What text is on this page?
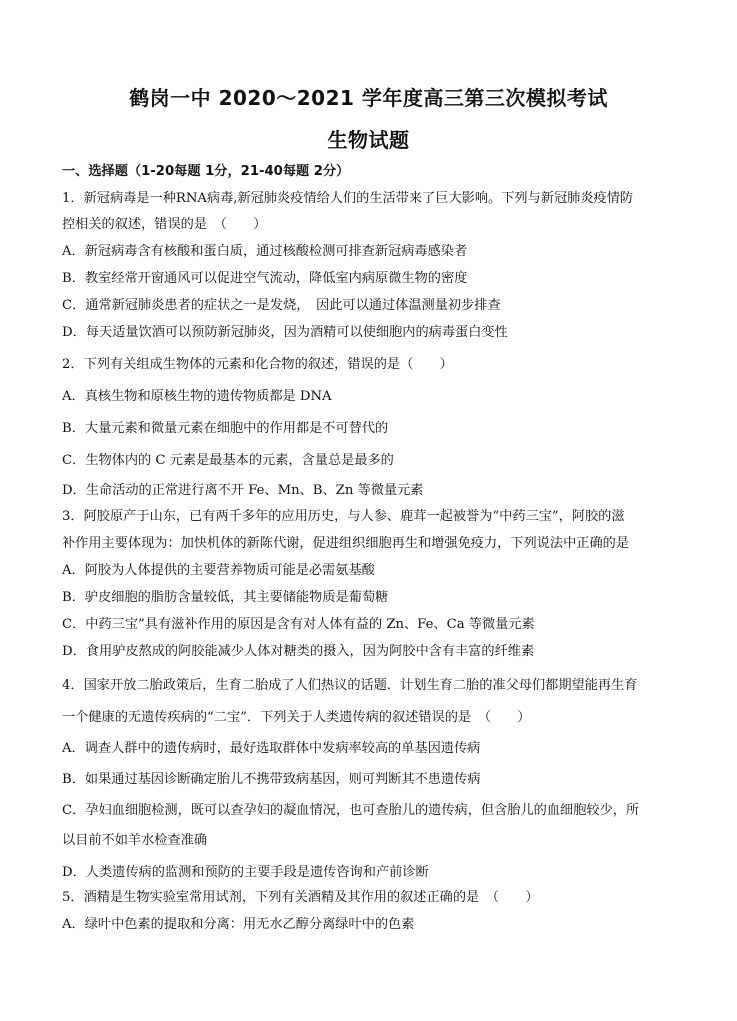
鹤岗一中 2020～2021 学年度高三第三次模拟考试
生物试题
一、选择题（1-20每题 1分，21-40每题 2分）
1．新冠病毒是一种RNA病毒,新冠肺炎疫情给人们的生活带来了巨大影响。下列与新冠肺炎疫情防
控相关的叙述，错误的是　（　　）
A．新冠病毒含有核酸和蛋白质，通过核酸检测可排查新冠病毒感染者
B．教室经常开窗通风可以促进空气流动，降低室内病原微生物的密度
C．通常新冠肺炎患者的症状之一是发烧，　因此可以通过体温测量初步排查
D．每天适量饮酒可以预防新冠肺炎，因为酒精可以使细胞内的病毒蛋白变性
2．下列有关组成生物体的元素和化合物的叙述，错误的是（　　）
A．真核生物和原核生物的遗传物质都是 DNA
B．大量元素和微量元素在细胞中的作用都是不可替代的
C．生物体内的 C 元素是最基本的元素，含量总是最多的
D．生命活动的正常进行离不开 Fe、Mn、B、Zn 等微量元素
3．阿胶原产于山东，已有两千多年的应用历史，与人参、鹿茸一起被誉为“中药三宝”，阿胶的滋
补作用主要体现为：加快机体的新陈代谢，促进组织细胞再生和增强免疫力，下列说法中正确的是
A．阿胶为人体提供的主要营养物质可能是必需氨基酸
B．驴皮细胞的脂肪含量较低，其主要储能物质是葡萄糖
C．中药三宝”具有滋补作用的原因是含有对人体有益的 Zn、Fe、Ca 等微量元素
D．食用驴皮熬成的阿胶能减少人体对糖类的摄入，因为阿胶中含有丰富的纤维素
4．国家开放二胎政策后，生育二胎成了人们热议的话题．计划生育二胎的准父母们都期望能再生育
一个健康的无遗传疾病的“二宝”．下列关于人类遗传病的叙述错误的是　（　　）
A．调查人群中的遗传病时，最好选取群体中发病率较高的单基因遗传病
B．如果通过基因诊断确定胎儿不携带致病基因，则可判断其不患遗传病
C．孕妇血细胞检测，既可以查孕妇的凝血情况，也可查胎儿的遗传病，但含胎儿的血细胞较少，所
以目前不如羊水检查准确
D．人类遗传病的监测和预防的主要手段是遗传咨询和产前诊断
5．酒精是生物实验室常用试剂，下列有关酒精及其作用的叙述正确的是　（　　）
A．绿叶中色素的提取和分离：用无水乙醇分离绿叶中的色素
